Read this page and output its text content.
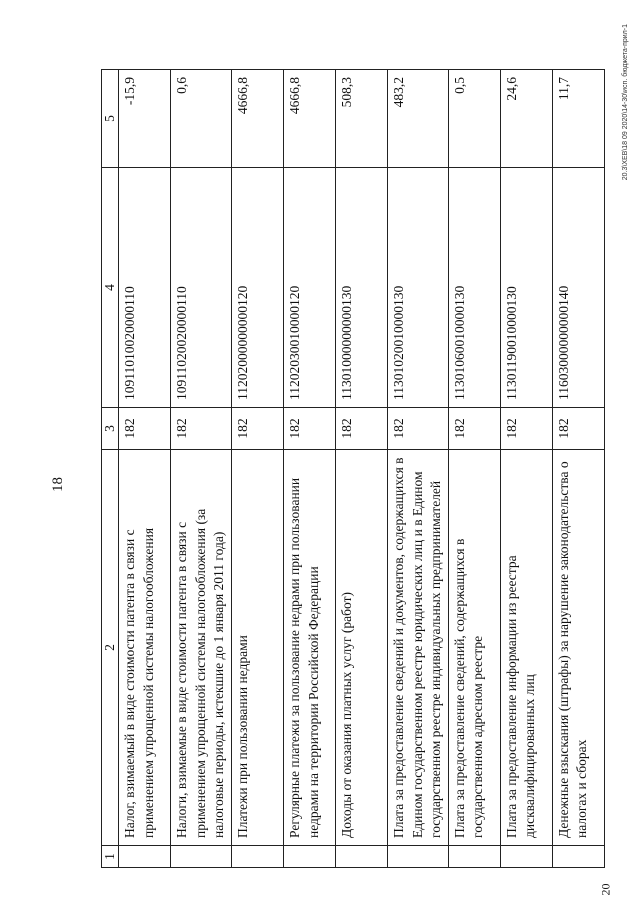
18
1	2	3	4	5
	Налог, взимаемый в виде стоимости патента в связи с применением упрощенной системы налогообложения	182	10911010020000110	-15,9
	Налоги, взимаемые в виде стоимости патента в связи с применением упрощенной системы налогообложения (за налоговые периоды, истекшие до 1 января 2011 года)	182	10911020020000110	0,6
	Платежи при пользовании недрами	182	11202000000000120	4666,8
	Регулярные платежи за пользование недрами при пользовании недрами на территории Российской Федерации	182	11202030010000120	4666,8
	Доходы от оказания платных услуг (работ)	182	11301000000000130	508,3
	Плата за предоставление сведений и документов, содержащихся в Едином государственном реестре юридических лиц и в Едином государственном реестре индивидуальных предпринимателей	182	11301020010000130	483,2
	Плата за предоставление сведений, содержащихся в государственном адресном реестре	182	11301060010000130	0,5
	Плата за предоставление информации из реестра дисквалифицированных лиц	182	11301190010000130	24,6
	Денежные взыскания (штрафы) за нарушение законодательства о налогах и сборах	182	11603000000000140	11,7	20.3\XEB\18 09 2020\14-30\исп. бюджета-прил-1
20
